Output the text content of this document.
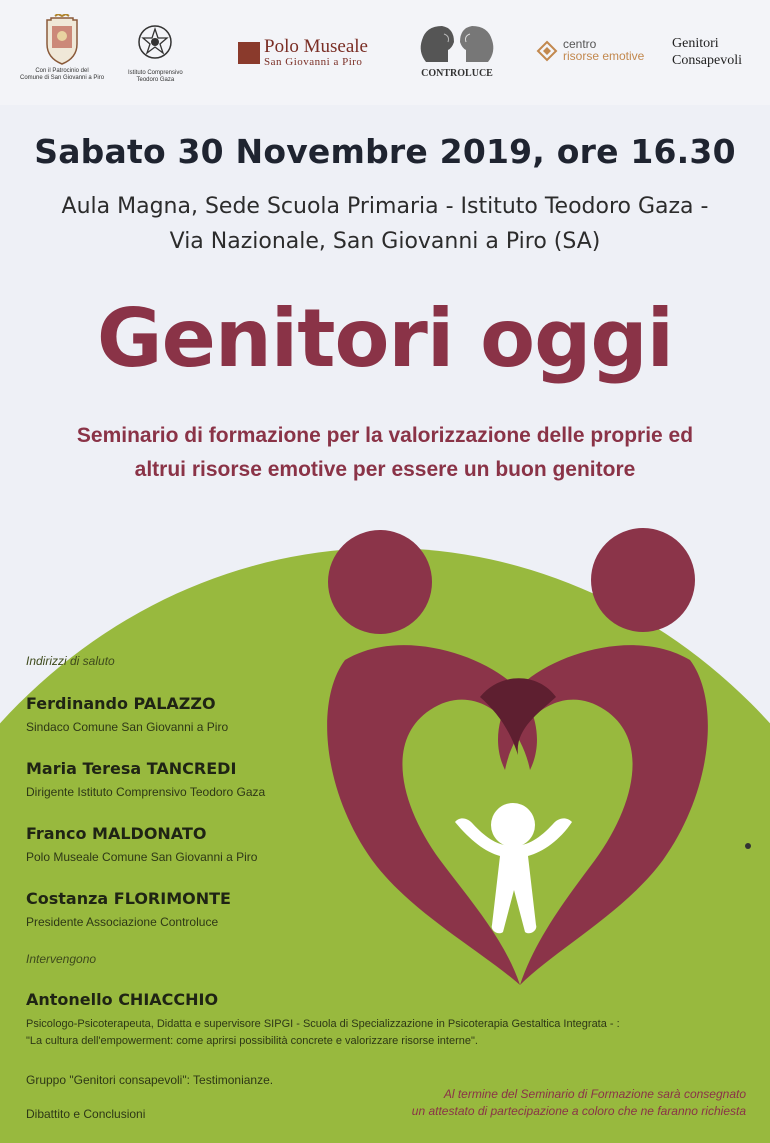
Con il Patrocinio del
Comune di San Giovanni a Piro
Istituto Comprensivo
Teodoro Gaza
Polo Museale
San Giovanni a Piro
CONTROLUCE
centro
risorse emotive
Genitori
Consapevoli
Sabato 30 Novembre 2019, ore 16.30
Aula Magna, Sede Scuola Primaria - Istituto Teodoro Gaza -
Via Nazionale, San Giovanni a Piro (SA)
Genitori oggi
Seminario di formazione per la valorizzazione delle proprie ed
altrui risorse emotive per essere un buon genitore
Indirizzi di saluto
Ferdinando PALAZZO
Sindaco Comune San Giovanni a Piro
Maria Teresa TANCREDI
Dirigente Istituto Comprensivo Teodoro Gaza
Franco MALDONATO
Polo Museale Comune San Giovanni a Piro
Costanza FLORIMONTE
Presidente Associazione Controluce
Intervengono
Antonello CHIACCHIO
Psicologo-Psicoterapeuta, Didatta e supervisore SIPGI - Scuola di Specializzazione in Psicoterapia Gestaltica Integrata - :
"La cultura dell'empowerment: come aprirsi possibilità concrete e valorizzare risorse interne".
Gruppo "Genitori consapevoli": Testimonianze.
Dibattito e Conclusioni
Al termine del Seminario di Formazione sarà consegnato
un attestato di partecipazione a coloro che ne faranno richiesta
